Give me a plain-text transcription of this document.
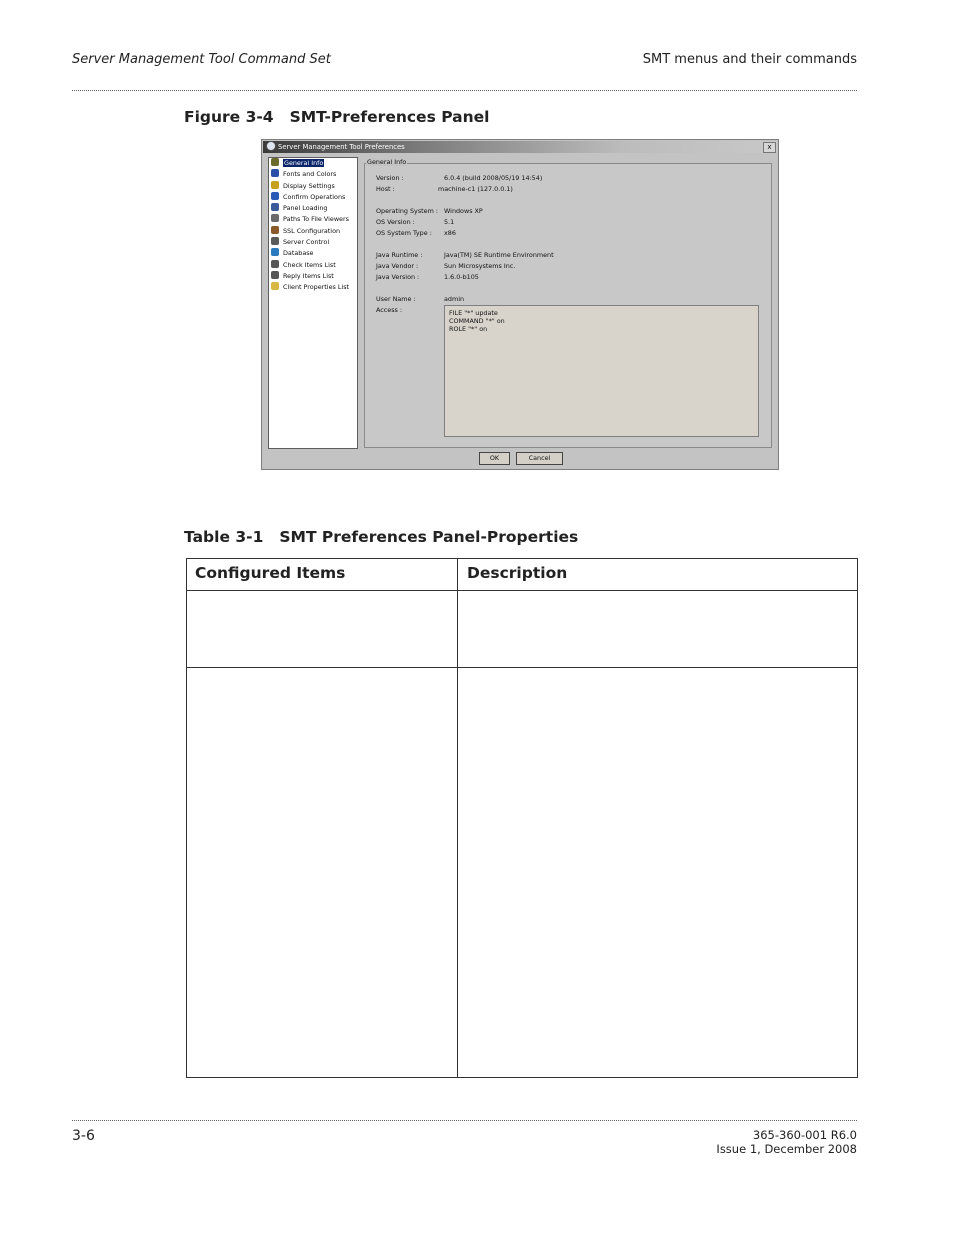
Server Management Tool Command Set	SMT menus and their commands
Figure 3-4 SMT-Preferences Panel
Server Management Tool Preferences	x
General Info
Fonts and Colors
Display Settings
Confirm Operations
Panel Loading
Paths To File Viewers
SSL Configuration
Server Control
Database
Check Items List
Reply Items List
Client Properties List
General Info
Version :	6.0.4 (build 2008/05/19 14:54)
Host :	machine-c1 (127.0.0.1)
Operating System : Windows XP
OS Version :	5.1
OS System Type : x86
Java Runtime :	Java(TM) SE Runtime Environment
Java Vendor :	Sun Microsystems Inc.
Java Version :	1.6.0-b105
User Name :	admin
Access :	FILE "*" update
COMMAND "*" on
ROLE "*" on
OK	Cancel
Table 3-1 SMT Preferences Panel-Properties
Configured Items	Description
3-6	365-360-001 R6.0
Issue 1, December 2008
